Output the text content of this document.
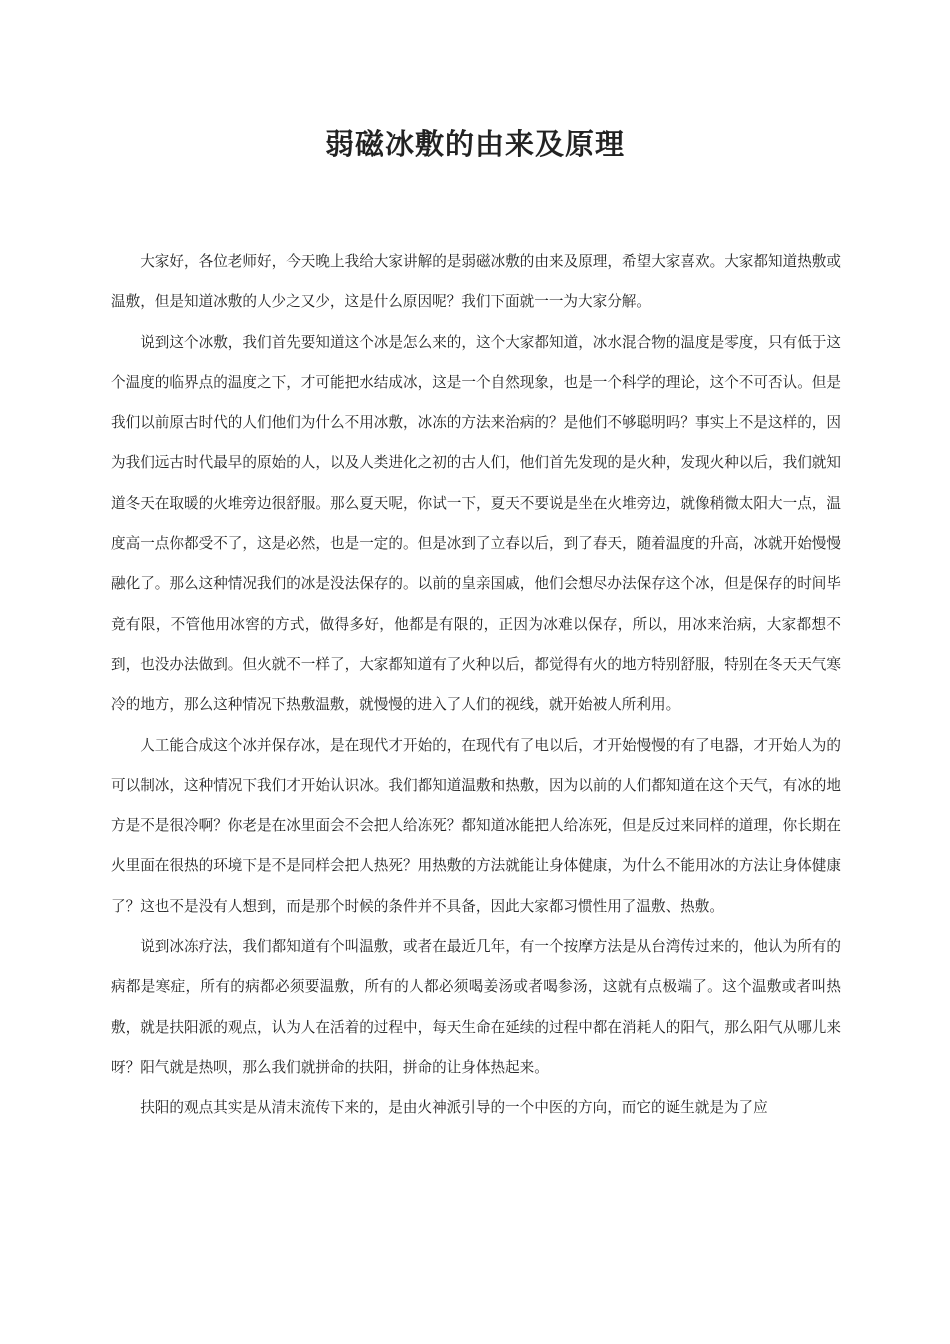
弱磁冰敷的由来及原理

大家好，各位老师好，今天晚上我给大家讲解的是弱磁冰敷的由来及原理，希望大家喜欢。大家都知道热敷或温敷，但是知道冰敷的人少之又少，这是什么原因呢？我们下面就一一为大家分解。

说到这个冰敷，我们首先要知道这个冰是怎么来的，这个大家都知道，冰水混合物的温度是零度，只有低于这个温度的临界点的温度之下，才可能把水结成冰，这是一个自然现象，也是一个科学的理论，这个不可否认。但是我们以前原古时代的人们他们为什么不用冰敷，冰冻的方法来治病的？是他们不够聪明吗？事实上不是这样的，因为我们远古时代最早的原始的人，以及人类进化之初的古人们，他们首先发现的是火种，发现火种以后，我们就知道冬天在取暖的火堆旁边很舒服。那么夏天呢，你试一下，夏天不要说是坐在火堆旁边，就像稍微太阳大一点，温度高一点你都受不了，这是必然，也是一定的。但是冰到了立春以后，到了春天，随着温度的升高，冰就开始慢慢融化了。那么这种情况我们的冰是没法保存的。以前的皇亲国戚，他们会想尽办法保存这个冰，但是保存的时间毕竟有限，不管他用冰窖的方式，做得多好，他都是有限的，正因为冰难以保存，所以，用冰来治病，大家都想不到，也没办法做到。但火就不一样了，大家都知道有了火种以后，都觉得有火的地方特别舒服，特别在冬天天气寒冷的地方，那么这种情况下热敷温敷，就慢慢的进入了人们的视线，就开始被人所利用。

人工能合成这个冰并保存冰，是在现代才开始的，在现代有了电以后，才开始慢慢的有了电器，才开始人为的可以制冰，这种情况下我们才开始认识冰。我们都知道温敷和热敷，因为以前的人们都知道在这个天气，有冰的地方是不是很冷啊？你老是在冰里面会不会把人给冻死？都知道冰能把人给冻死，但是反过来同样的道理，你长期在火里面在很热的环境下是不是同样会把人热死？用热敷的方法就能让身体健康，为什么不能用冰的方法让身体健康了？这也不是没有人想到，而是那个时候的条件并不具备，因此大家都习惯性用了温敷、热敷。

说到冰冻疗法，我们都知道有个叫温敷，或者在最近几年，有一个按摩方法是从台湾传过来的，他认为所有的病都是寒症，所有的病都必须要温敷，所有的人都必须喝姜汤或者喝参汤，这就有点极端了。这个温敷或者叫热敷，就是扶阳派的观点，认为人在活着的过程中，每天生命在延续的过程中都在消耗人的阳气，那么阳气从哪儿来呀？阳气就是热呗，那么我们就拼命的扶阳，拼命的让身体热起来。

扶阳的观点其实是从清末流传下来的，是由火神派引导的一个中医的方向，而它的诞生就是为了应
